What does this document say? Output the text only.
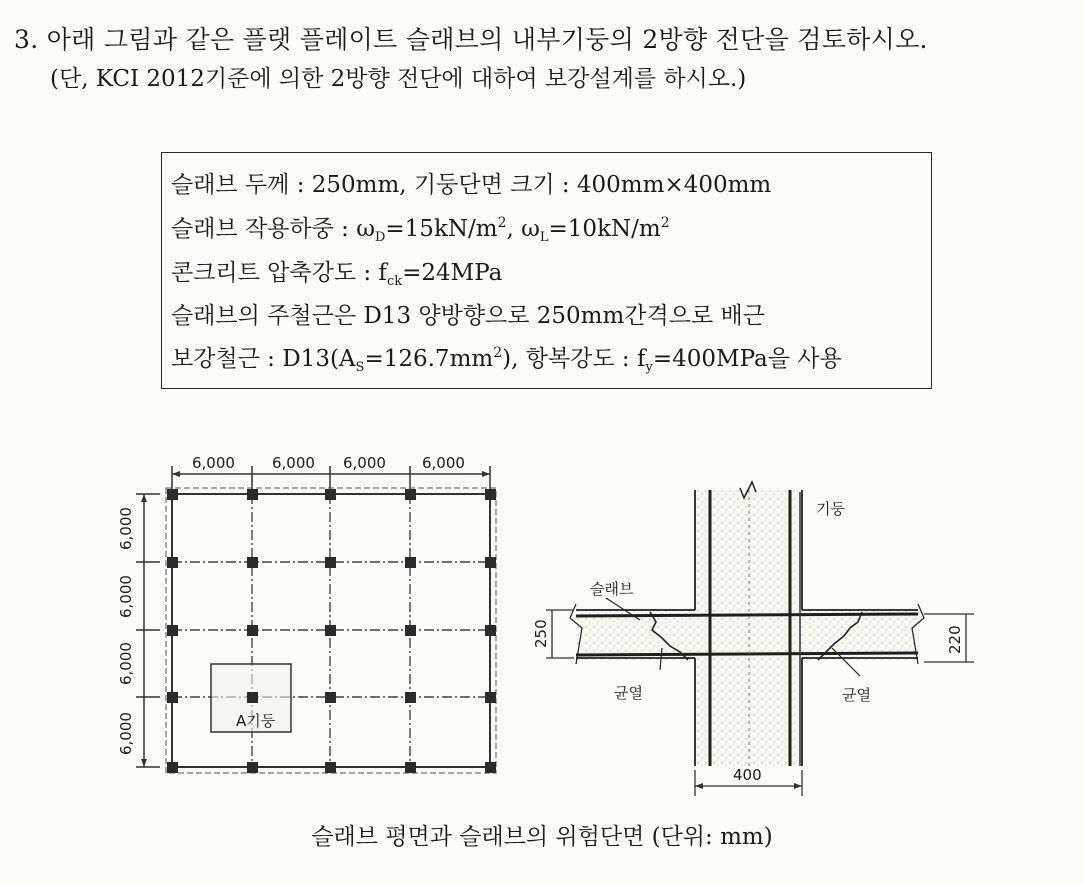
3. 아래 그림과 같은 플랫 플레이트 슬래브의 내부기둥의 2방향 전단을 검토하시오.
(단, KCI 2012기준에 의한 2방향 전단에 대하여 보강설계를 하시오.)
슬래브 두께 : 250mm, 기둥단면 크기 : 400mm×400mm
슬래브 작용하중 : $\omega_D=15kN/m^2$, $\omega_L=10kN/m^2$
콘크리트 압축강도 : $f_{ck}=24MPa$
슬래브의 주철근은 D13 양방향으로 250mm간격으로 배근
보강철근 : $D13(A_S=126.7mm^2)$, 항복강도 : $f_y=400MPa$을 사용
A기둥
6,000 6,000 6,000 6,000
6,000
6,000
6,000
6,000
기둥
슬래브
균열	균열
250	220
400
슬래브 평면과 슬래브의 위험단면 (단위: mm)
